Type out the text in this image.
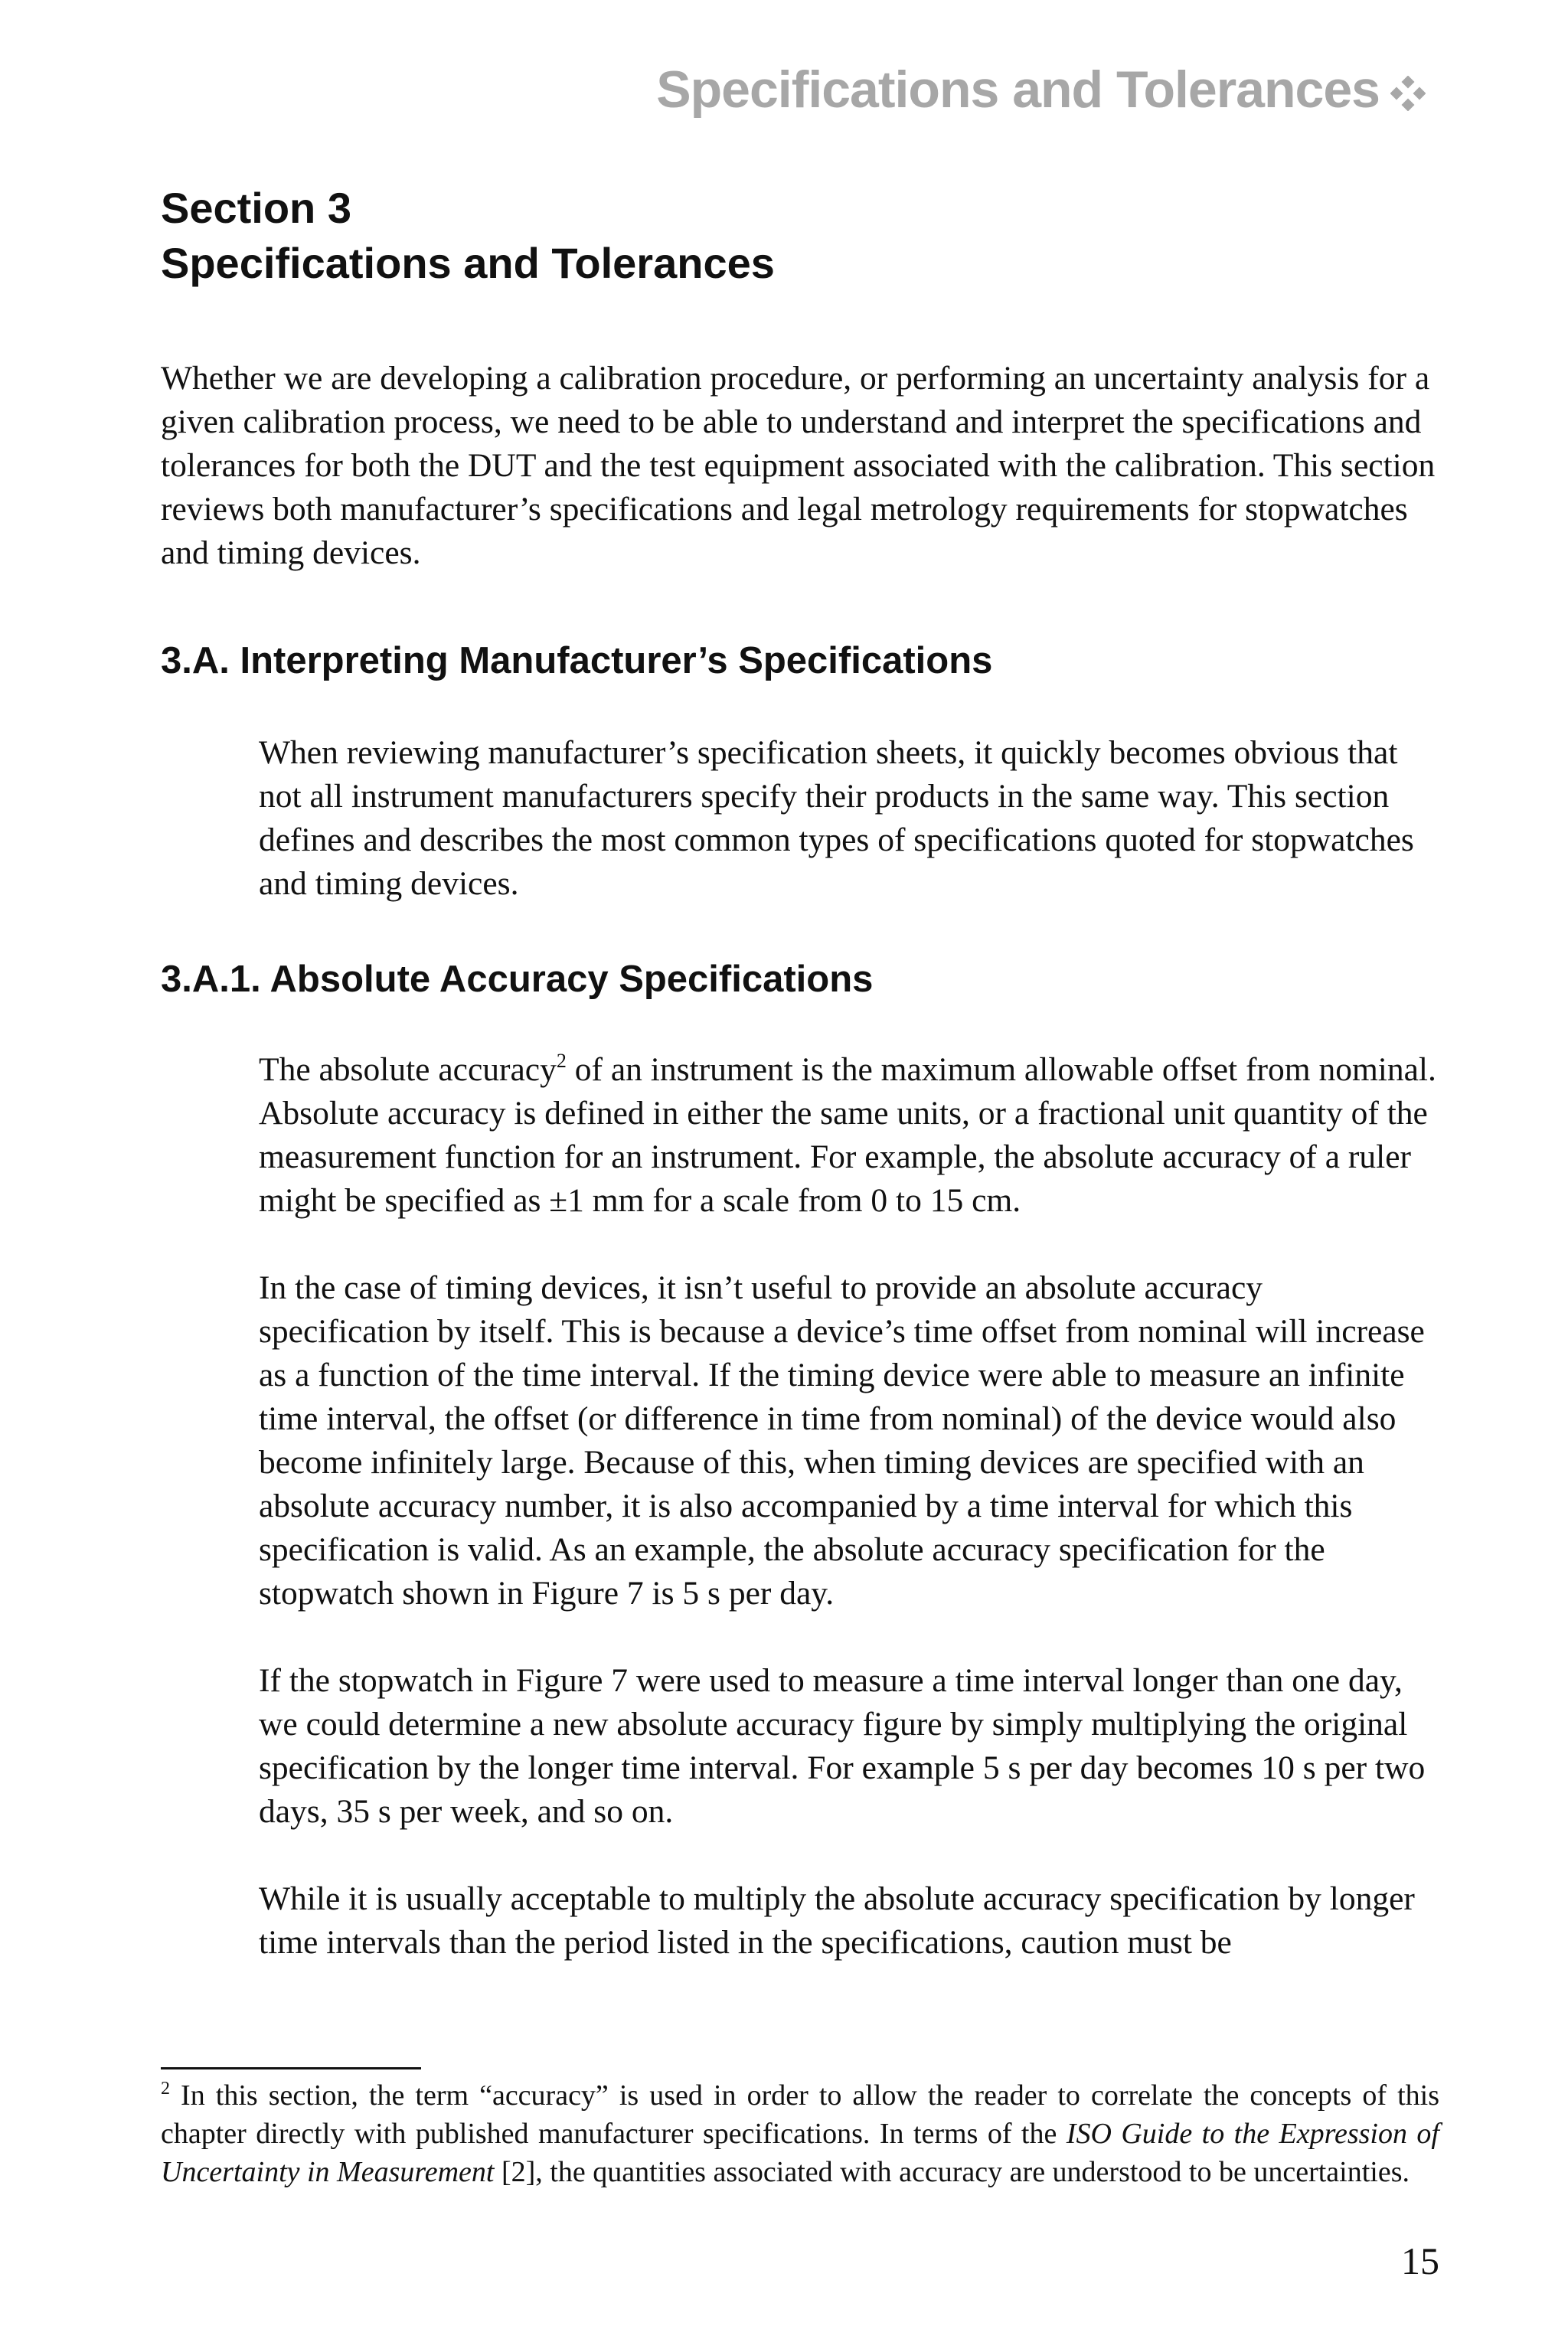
Specifications and Tolerances
Section 3
Specifications and Tolerances

Whether we are developing a calibration procedure, or performing an uncertainty analysis for a given calibration process, we need to be able to understand and interpret the specifications and tolerances for both the DUT and the test equipment associated with the calibration. This section reviews both manufacturer’s specifications and legal metrology requirements for stopwatches and timing devices.

3.A. Interpreting Manufacturer’s Specifications

When reviewing manufacturer’s specification sheets, it quickly becomes obvious that not all instrument manufacturers specify their products in the same way. This section defines and describes the most common types of specifications quoted for stopwatches and timing devices.

3.A.1. Absolute Accuracy Specifications

The absolute accuracy$^2$ of an instrument is the maximum allowable offset from nominal. Absolute accuracy is defined in either the same units, or a fractional unit quantity of the measurement function for an instrument. For example, the absolute accuracy of a ruler might be specified as ±1 mm for a scale from 0 to 15 cm.

In the case of timing devices, it isn’t useful to provide an absolute accuracy specification by itself. This is because a device’s time offset from nominal will increase as a function of the time interval. If the timing device were able to measure an infinite time interval, the offset (or difference in time from nominal) of the device would also become infinitely large. Because of this, when timing devices are specified with an absolute accuracy number, it is also accompanied by a time interval for which this specification is valid. As an example, the absolute accuracy specification for the stopwatch shown in Figure 7 is 5 s per day.

If the stopwatch in Figure 7 were used to measure a time interval longer than one day, we could determine a new absolute accuracy figure by simply multiplying the original specification by the longer time interval. For example 5 s per day becomes 10 s per two days, 35 s per week, and so on.

While it is usually acceptable to multiply the absolute accuracy specification by longer time intervals than the period listed in the specifications, caution must be

$^2$ In this section, the term “accuracy” is used in order to allow the reader to correlate the concepts of this chapter directly with published manufacturer specifications. In terms of the ISO Guide to the Expression of Uncertainty in Measurement [2], the quantities associated with accuracy are understood to be uncertainties.

15
